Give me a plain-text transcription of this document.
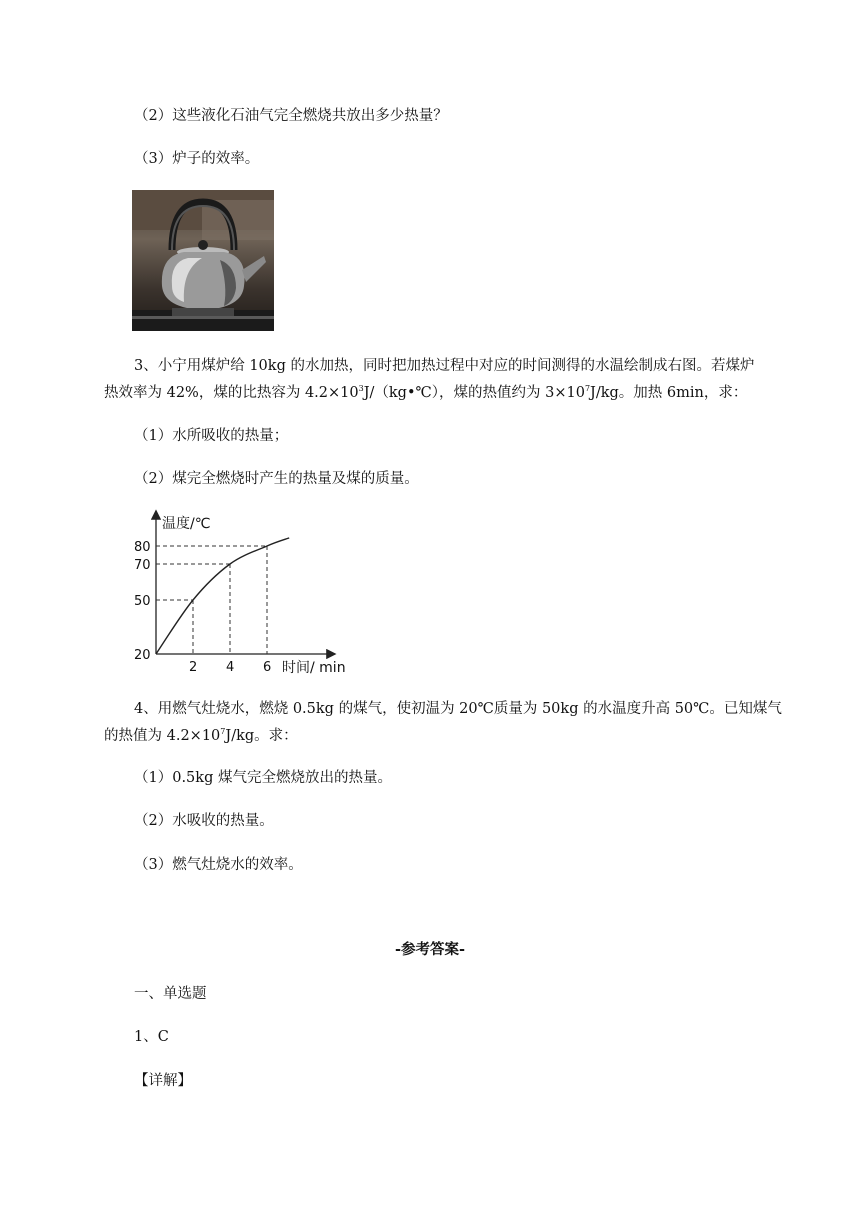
（2）这些液化石油气完全燃烧共放出多少热量？
（3）炉子的效率。
3、小宁用煤炉给 10kg 的水加热，同时把加热过程中对应的时间测得的水温绘制成右图。若煤炉
热效率为 42%，煤的比热容为 $4.2\times 10^3J/(kg•℃)$，煤的热值约为 $3\times 10^7J/kg$。加热 6min，求：
（1）水所吸收的热量；
（2）煤完全燃烧时产生的热量及煤的质量。
温度/℃
时间/ min
20
50
70
80
2 4 6
4、用燃气灶烧水，燃烧 0.5kg 的煤气，使初温为 20℃质量为 50kg 的水温度升高 50℃。已知煤气
的热值为 $4.2\times 10^7J/kg$。求：
（1）0.5kg 煤气完全燃烧放出的热量。
（2）水吸收的热量。
（3）燃气灶烧水的效率。
-参考答案-
一、单选题
1、C
【详解】
